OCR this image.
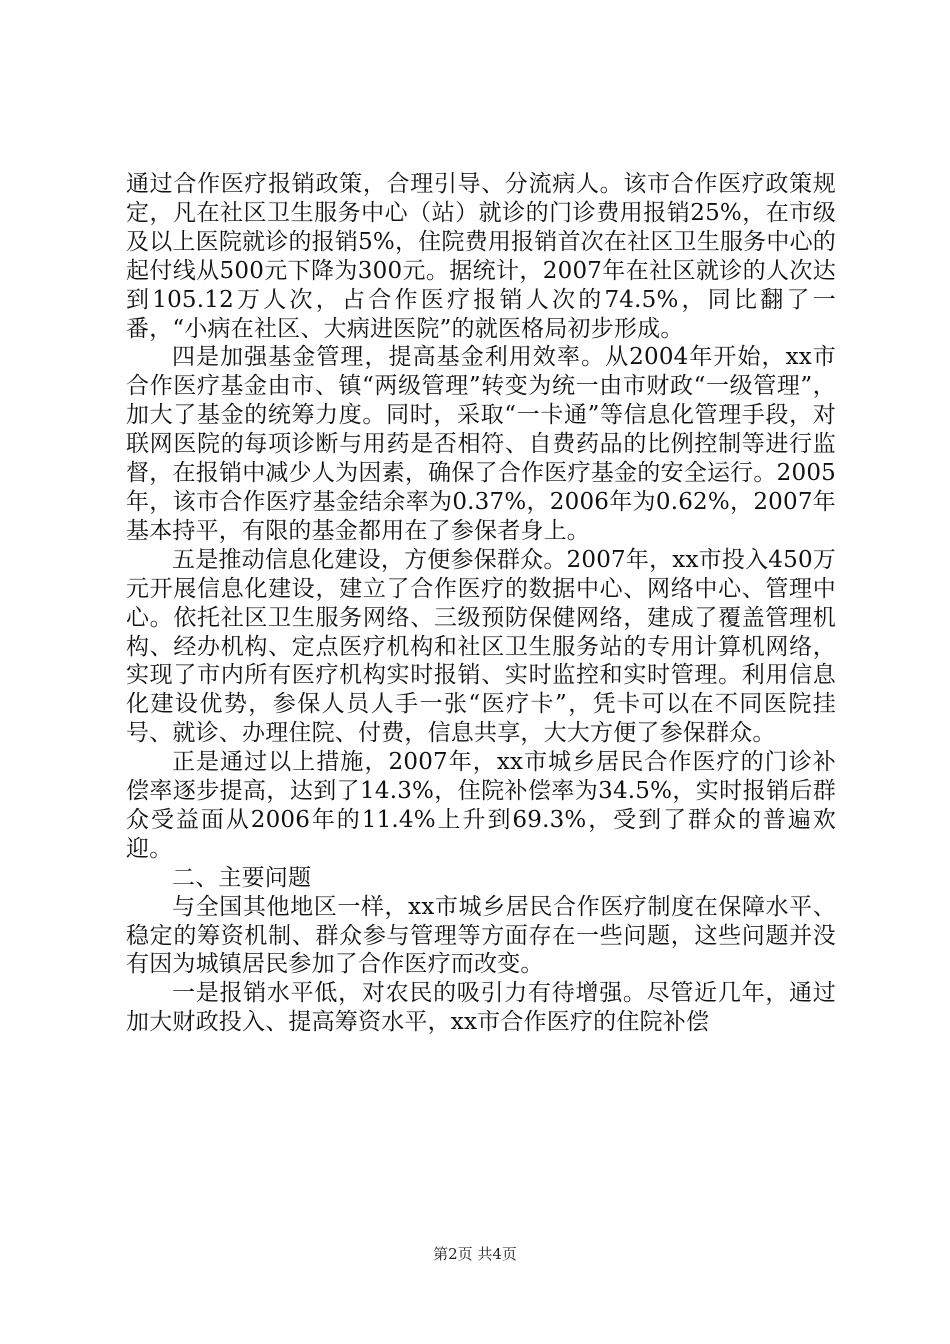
通过合作医疗报销政策，合理引导、分流病人。该市合作医疗政策规定，凡在社区卫生服务中心（站）就诊的门诊费用报销25%，在市级及以上医院就诊的报销5%，住院费用报销首次在社区卫生服务中心的起付线从500元下降为300元。据统计，2007年在社区就诊的人次达到105.12万人次，占合作医疗报销人次的74.5%，同比翻了一番，“小病在社区、大病进医院”的就医格局初步形成。

四是加强基金管理，提高基金利用效率。从2004年开始，xx市合作医疗基金由市、镇“两级管理”转变为统一由市财政“一级管理”，加大了基金的统筹力度。同时，采取“一卡通”等信息化管理手段，对联网医院的每项诊断与用药是否相符、自费药品的比例控制等进行监督，在报销中减少人为因素，确保了合作医疗基金的安全运行。2005年，该市合作医疗基金结余率为0.37%，2006年为0.62%，2007年基本持平，有限的基金都用在了参保者身上。

五是推动信息化建设，方便参保群众。2007年，xx市投入450万元开展信息化建设，建立了合作医疗的数据中心、网络中心、管理中心。依托社区卫生服务网络、三级预防保健网络，建成了覆盖管理机构、经办机构、定点医疗机构和社区卫生服务站的专用计算机网络，实现了市内所有医疗机构实时报销、实时监控和实时管理。利用信息化建设优势，参保人员人手一张“医疗卡”，凭卡可以在不同医院挂号、就诊、办理住院、付费，信息共享，大大方便了参保群众。

正是通过以上措施，2007年，xx市城乡居民合作医疗的门诊补偿率逐步提高，达到了14.3%，住院补偿率为34.5%，实时报销后群众受益面从2006年的11.4%上升到69.3%，受到了群众的普遍欢迎。

二、主要问题

与全国其他地区一样，xx市城乡居民合作医疗制度在保障水平、稳定的筹资机制、群众参与管理等方面存在一些问题，这些问题并没有因为城镇居民参加了合作医疗而改变。

一是报销水平低，对农民的吸引力有待增强。尽管近几年，通过加大财政投入、提高筹资水平，xx市合作医疗的住院补偿

第2页 共4页
